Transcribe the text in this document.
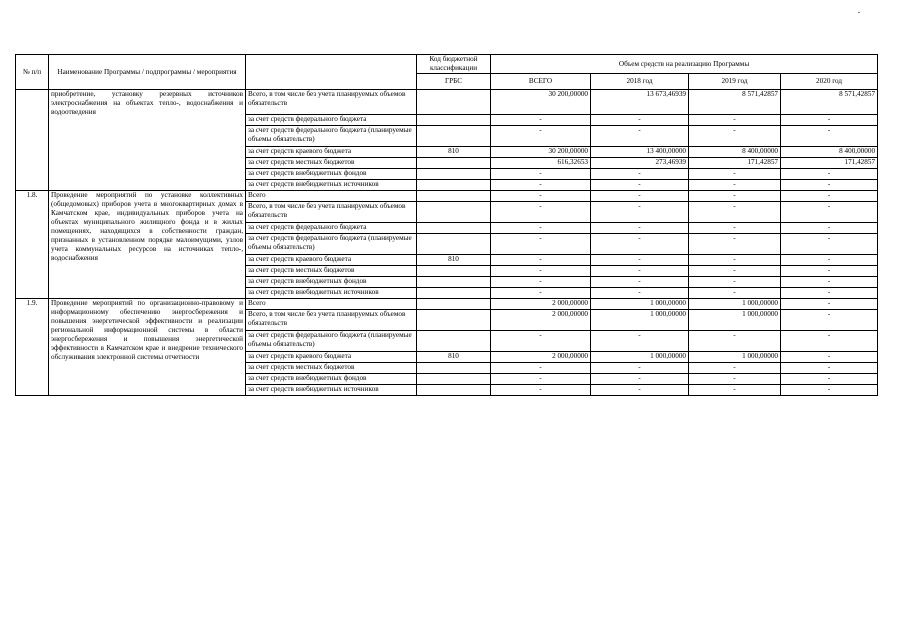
№ п/п	Наименование Программы / подпрограммы / мероприятия		Код бюджетной классификации	Объем средств на реализацию Программы			
			ГРБС	ВСЕГО	2018 год	2019 год	2020 год
	приобретение, установку резервных источников электроснабжения на объектах тепло-, водоснабжения и водоотведения	Всего, в том числе без учета планируемых объемов обязательств		30 200,00000	13 673,46939	8 571,42857	8 571,42857
		за счет средств федерального бюджета		-	-	-	-
		за счет средств федерального бюджета (планируемые объемы обязательств)		-	-	-	-
		за счет средств краевого бюджета	810	30 200,00000	13 400,00000	8 400,00000	8 400,00000
		за счет средств местных бюджетов		616,32653	273,46939	171,42857	171,42857
		за счет средств внебюджетных фондов		-	-	-	-
		за счет средств внебюджетных источников		-	-	-	-
1.8.	Проведение мероприятий по установке коллективных (общедомовых) приборов учета в многоквартирных домах в Камчатском крае, индивидуальных приборов учета на объектах муниципального жилищного фонда и в жилых помещениях, находящихся в собственности граждан, признанных в установленном порядке малоимущими, узлов учета коммунальных ресурсов на источниках тепло-, водоснабжения	Всего		-	-	-	-
		Всего, в том числе без учета планируемых объемов обязательств		-	-	-	-
		за счет средств федерального бюджета		-	-	-	-
		за счет средств федерального бюджета (планируемые объемы обязательств)		-	-	-	-
		за счет средств краевого бюджета	810	-	-	-	-
		за счет средств местных бюджетов		-	-	-	-
		за счет средств внебюджетных фондов		-	-	-	-
		за счет средств внебюджетных источников		-	-	-	-
1.9.	Проведение мероприятий по организационно-правовому и информационному обеспечению энергосбережения и повышения энергетической эффективности и реализации региональной информационной системы в области энергосбережения и повышения энергетической эффективности в Камчатском крае и внедрение технического обслуживания электронной системы отчетности	Всего		2 000,00000	1 000,00000	1 000,00000	-
		Всего, в том числе без учета планируемых объемов обязательств		2 000,00000	1 000,00000	1 000,00000	-
		за счет средств федерального бюджета (планируемые объемы обязательств)		-	-	-	-
		за счет средств краевого бюджета	810	2 000,00000	1 000,00000	1 000,00000	-
		за счет средств местных бюджетов		-	-	-	-
		за счет средств внебюджетных фондов		-	-	-	-
		за счет средств внебюджетных источников		-	-	-	-
